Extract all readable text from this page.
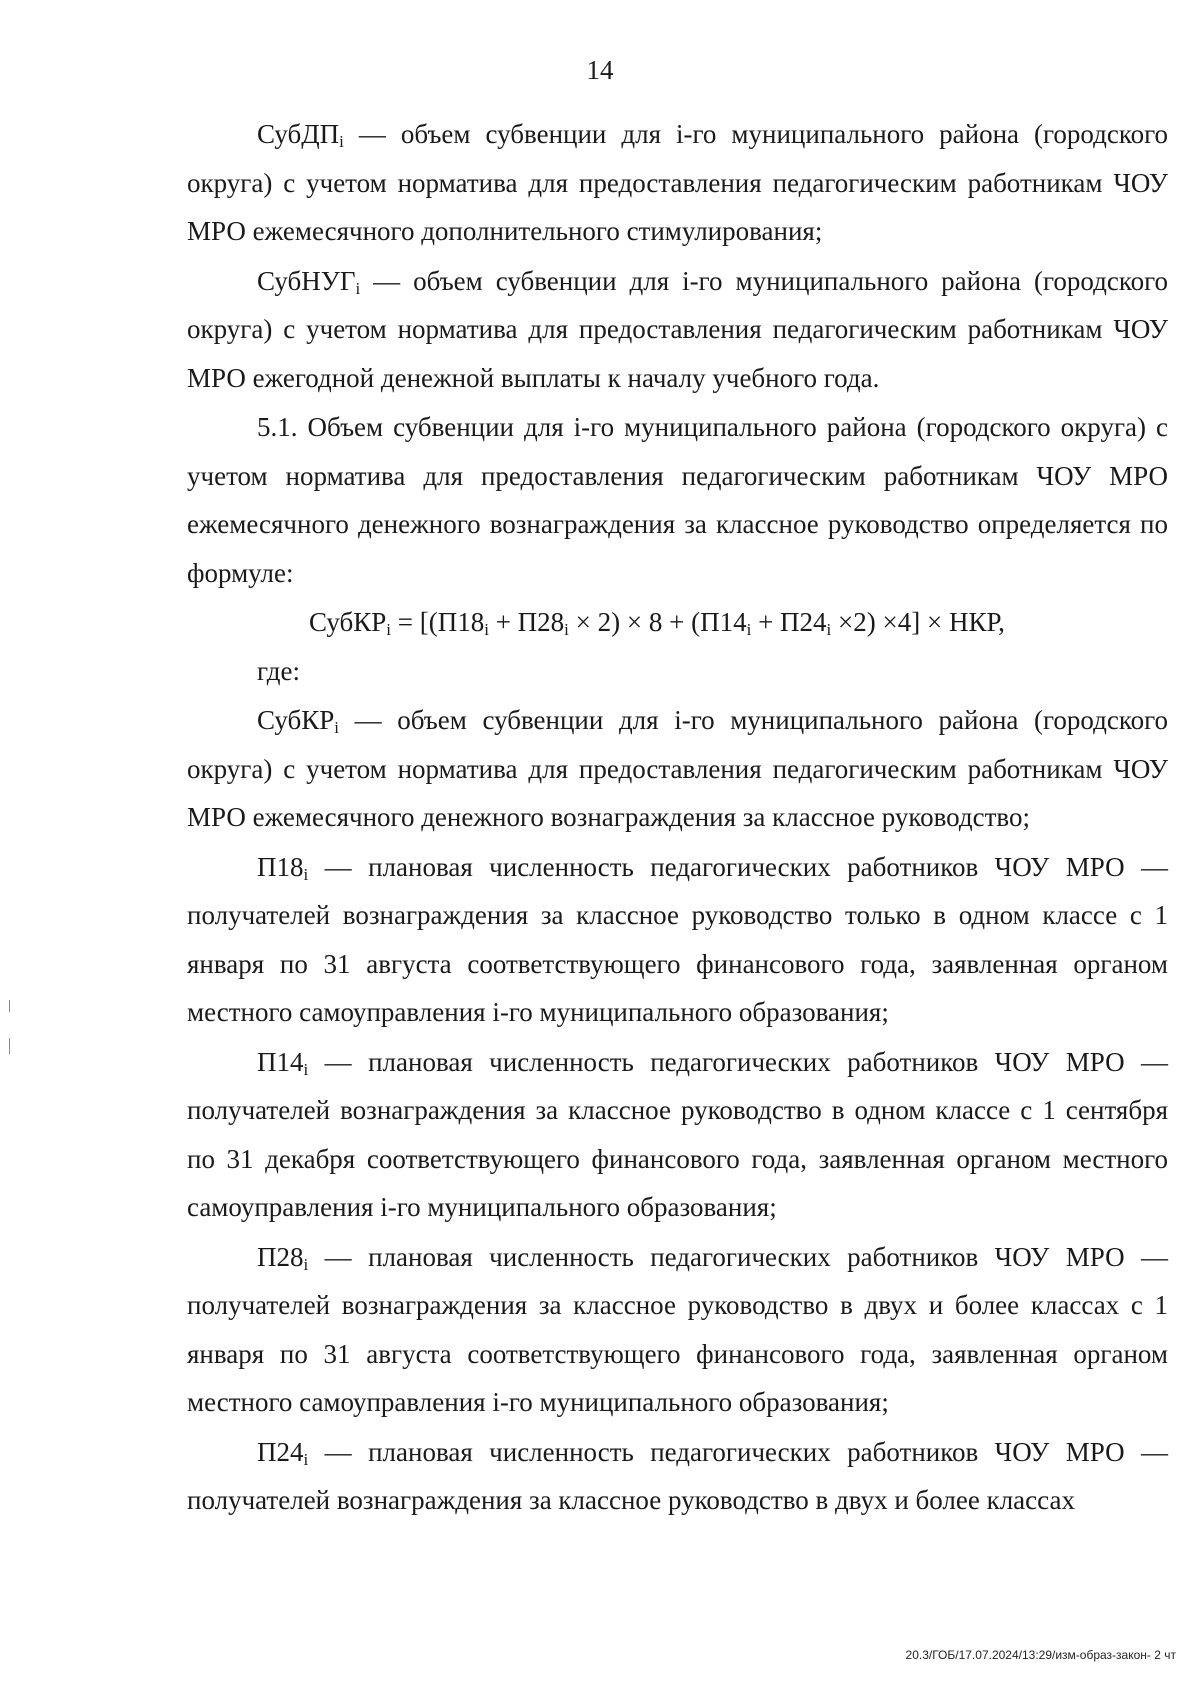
14

СубДП$_i$ — объем субвенции для i-го муниципального района (городского округа) с учетом норматива для предоставления педагогическим работникам ЧОУ МРО ежемесячного дополнительного стимулирования;

СубНУГ$_i$ — объем субвенции для i-го муниципального района (городского округа) с учетом норматива для предоставления педагогическим работникам ЧОУ МРО ежегодной денежной выплаты к началу учебного года.

5.1. Объем субвенции для i-го муниципального района (городского округа) с учетом норматива для предоставления педагогическим работникам ЧОУ МРО ежемесячного денежного вознаграждения за классное руководство определяется по формуле:

СубКР$_i$ = $[(П18_i + П28_i \times 2) \times 8 + (П14_i + П24_i \times 2) \times 4]$ × НКР,

где:

СубКР$_i$ — объем субвенции для i-го муниципального района (городского округа) с учетом норматива для предоставления педагогическим работникам ЧОУ МРО ежемесячного денежного вознаграждения за классное руководство;

$П18_i$ — плановая численность педагогических работников ЧОУ МРО — получателей вознаграждения за классное руководство только в одном классе с 1 января по 31 августа соответствующего финансового года, заявленная органом местного самоуправления i-го муниципального образования;

$П14_i$ — плановая численность педагогических работников ЧОУ МРО — получателей вознаграждения за классное руководство в одном классе с 1 сентября по 31 декабря соответствующего финансового года, заявленная органом местного самоуправления i-го муниципального образования;

$П28_i$ — плановая численность педагогических работников ЧОУ МРО — получателей вознаграждения за классное руководство в двух и более классах с 1 января по 31 августа соответствующего финансового года, заявленная органом местного самоуправления i-го муниципального образования;

$П24_i$ — плановая численность педагогических работников ЧОУ МРО — получателей вознаграждения за классное руководство в двух и более классах

20.3/ГОБ/17.07.2024/13:29/изм-образ-закон- 2 чт
